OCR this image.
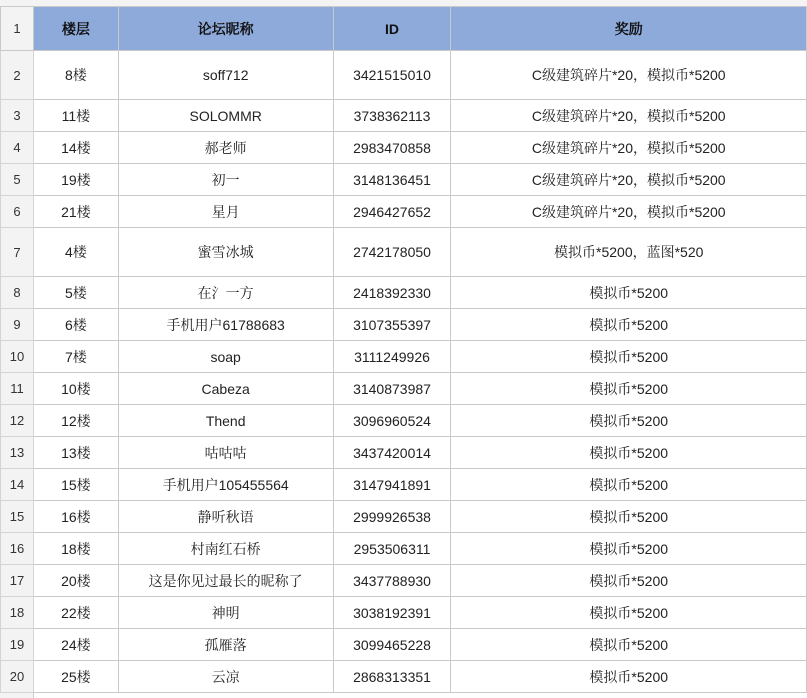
1	楼层	论坛昵称	ID	奖励
2	8楼	soff712	3421515010	C级建筑碎片*20，模拟币*5200
3	11楼	SOLOMMR	3738362113	C级建筑碎片*20，模拟币*5200
4	14楼	郝老师	2983470858	C级建筑碎片*20，模拟币*5200
5	19楼	初一	3148136451	C级建筑碎片*20，模拟币*5200
6	21楼	星月	2946427652	C级建筑碎片*20，模拟币*5200
7	4楼	蜜雪冰城	2742178050	模拟币*5200，蓝图*520
8	5楼	在氵一方	2418392330	模拟币*5200
9	6楼	手机用户61788683	3107355397	模拟币*5200
10	7楼	soap	3111249926	模拟币*5200
11	10楼	Cabeza	3140873987	模拟币*5200
12	12楼	Thend	3096960524	模拟币*5200
13	13楼	咕咕咕	3437420014	模拟币*5200
14	15楼	手机用户105455564	3147941891	模拟币*5200
15	16楼	静听秋语	2999926538	模拟币*5200
16	18楼	村南红石桥	2953506311	模拟币*5200
17	20楼	这是你见过最长的昵称了	3437788930	模拟币*5200
18	22楼	神明	3038192391	模拟币*5200
19	24楼	孤雁落	3099465228	模拟币*5200
20	25楼	云凉	2868313351	模拟币*5200
